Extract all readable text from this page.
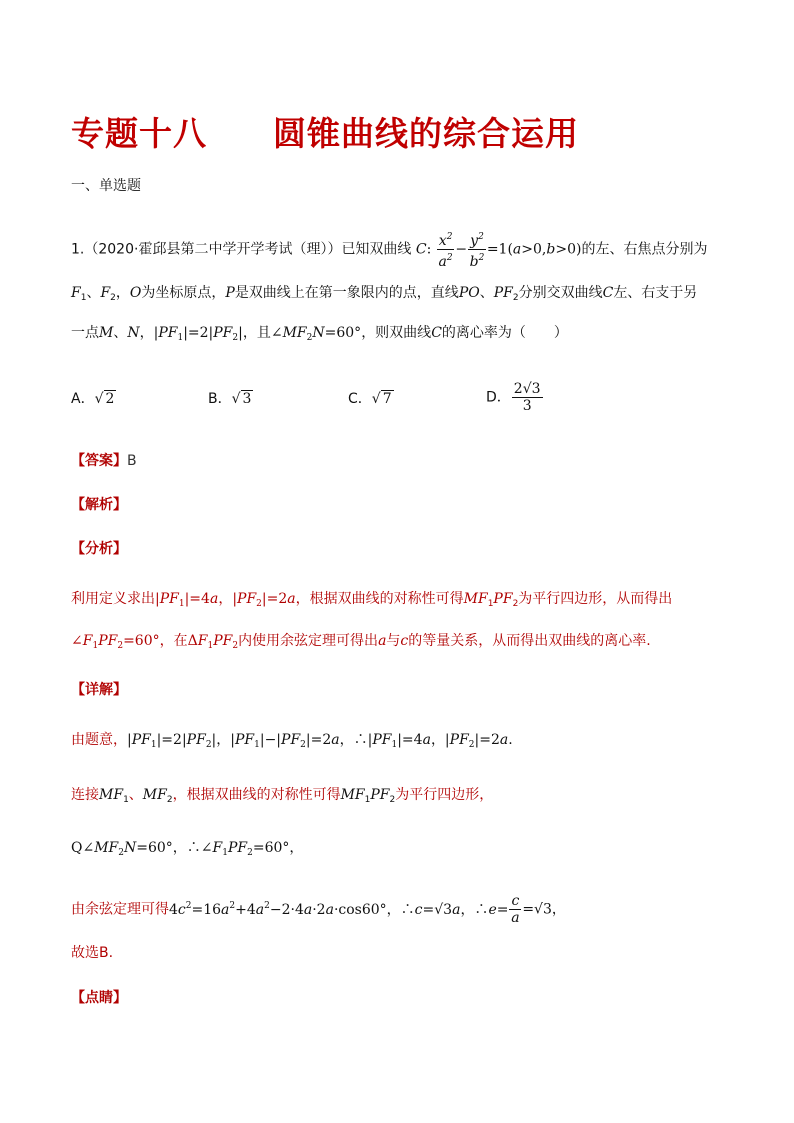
专题十八 圆锥曲线的综合运用
一、单选题
1.（2020·霍邱县第二中学开学考试（理））已知双曲线 C: $\frac{x^2}{a^2} - \frac{y^2}{b^2} =1(a>0,b>0)$的左、右焦点分别为
$F_1$、$F_2$，O为坐标原点，P是双曲线上在第一象限内的点，直线PO、$PF_2$分别交双曲线C左、右支于另
一点M、N，$|PF_1|=2|PF_2|$，且$\angle MF_2N=60^\circ$，则双曲线C的离心率为（　　）
A．√ 2	B．√ 3	C．√ 7	D． $\frac{2√3}{3}$
【答案】B
【解析】
【分析】
利用定义求出$|PF_1|=4a$，$|PF_2|=2a$，根据双曲线的对称性可得$MF_1PF_2$为平行四边形，从而得出
$\angle F_1PF_2=60^\circ$，在$\Delta F_1PF_2$内使用余弦定理可得出a与c的等量关系，从而得出双曲线的离心率.
【详解】
由题意，$|PF_1|=2|PF_2|$，$|PF_1|-|PF_2|=2a$，$\therefore|PF_1|=4a$，$|PF_2|=2a$.
连接$MF_1$、$MF_2$，根据双曲线的对称性可得$MF_1PF_2$为平行四边形，
$Q\angle MF_2N=60^\circ$，$\therefore\angle F_1PF_2=60^\circ$，
由余弦定理可得$4c^2=16a^2+4a^2-2\cdot 4a\cdot 2a\cdot\cos 60^\circ$，∴c=√3a，∴e= $\frac{c}{a} =√3$，
故选B.
【点睛】
